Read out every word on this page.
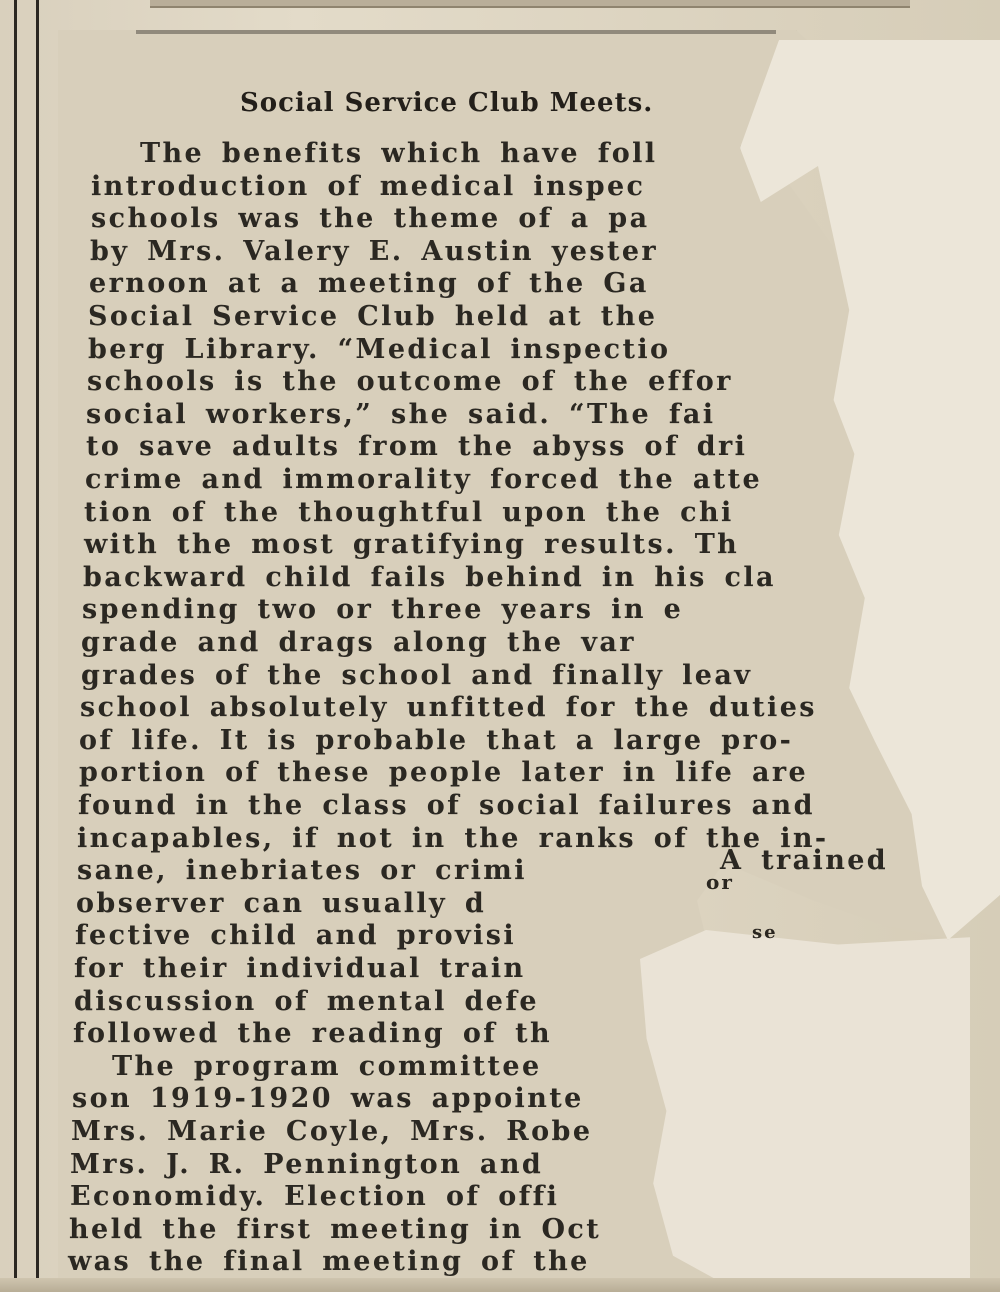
Social Service Club Meets.
The benefits which have foll
introduction of medical inspec
schools was the theme of a pa
by Mrs. Valery E. Austin yester
ernoon at a meeting of the Ga
Social Service Club held at the
berg Library. “Medical inspectio
schools is the outcome of the effor
social workers,” she said. “The fai
to save adults from the abyss of dri
crime and immorality forced the atte
tion of the thoughtful upon the chi
with the most gratifying results. Th
backward child fails behind in his cla
spending two or three years in e
grade and drags along the var
grades of the school and finally leav
school absolutely unfitted for the duties
of life. It is probable that a large pro-
portion of these people later in life are
found in the class of social failures and
incapables, if not in the ranks of the in-
sane, inebriates or crimi
observer can usually d
fective child and provisi
for their individual train
discussion of mental defe
followed the reading of th
The program committee
son 1919-1920 was appointe
Mrs. Marie Coyle, Mrs. Robe
Mrs. J. R. Pennington and
Economidy. Election of offi
held the first meeting in Oct
was the final meeting of the
or
A trained
se
